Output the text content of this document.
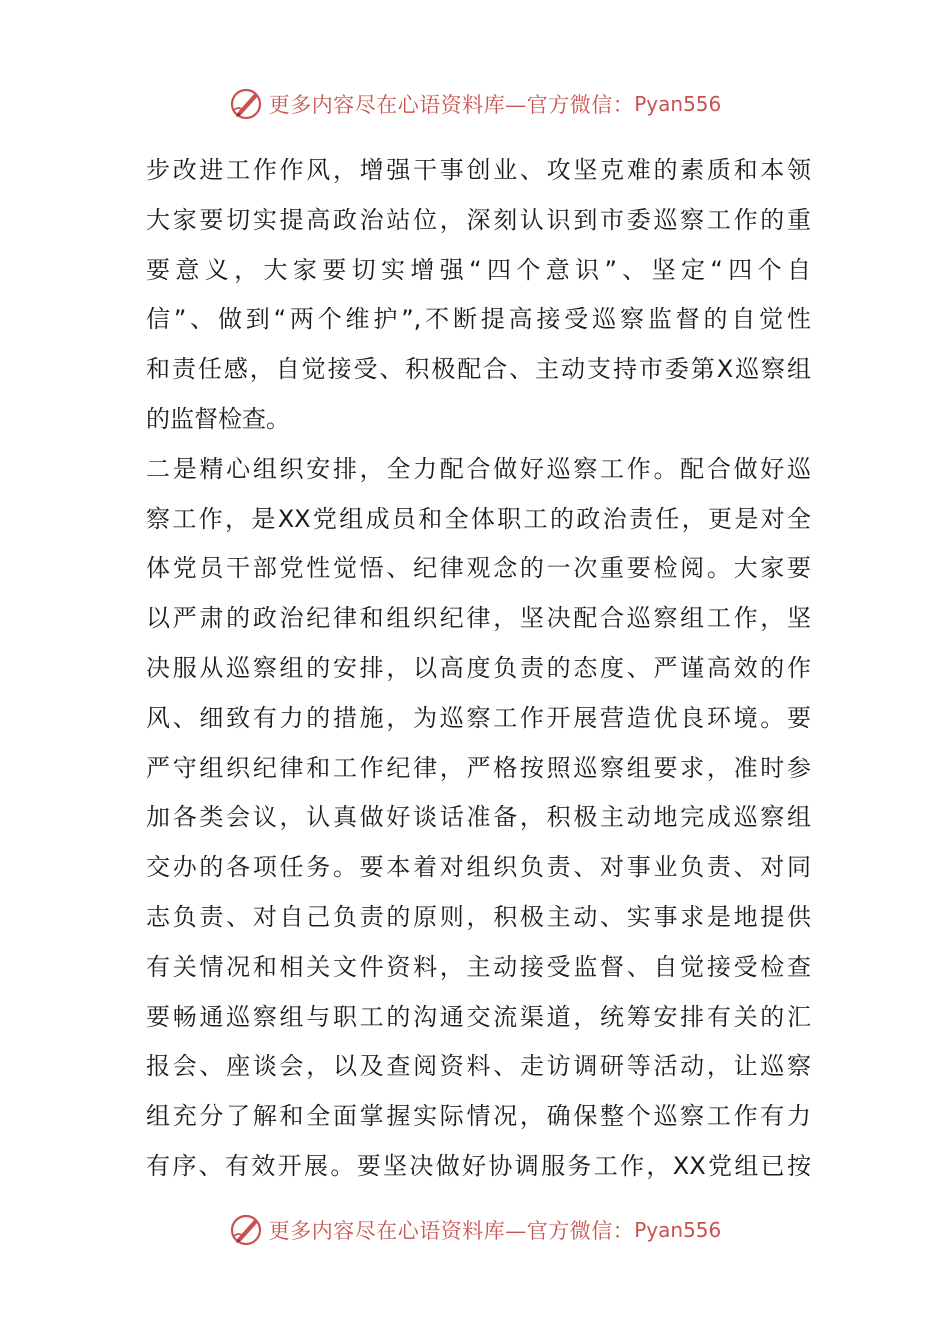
更多内容尽在心语资料库—官方微信： Pyan556
步改进工作作风，增强干事创业、攻坚克难的素质和本领
大家要切实提高政治站位，深刻认识到市委巡察工作的重
要意义，大家要切实增强“四个意识”、坚定“四个自
信”、做到“两个维护”,不断提高接受巡察监督的自觉性
和责任感，自觉接受、积极配合、主动支持市委第X巡察组
的监督检查。
二是精心组织安排，全力配合做好巡察工作。配合做好巡
察工作，是XX党组成员和全体职工的政治责任，更是对全
体党员干部党性觉悟、纪律观念的一次重要检阅。大家要
以严肃的政治纪律和组织纪律，坚决配合巡察组工作，坚
决服从巡察组的安排，以高度负责的态度、严谨高效的作
风、细致有力的措施，为巡察工作开展营造优良环境。要
严守组织纪律和工作纪律，严格按照巡察组要求，准时参
加各类会议，认真做好谈话准备，积极主动地完成巡察组
交办的各项任务。要本着对组织负责、对事业负责、对同
志负责、对自己负责的原则，积极主动、实事求是地提供
有关情况和相关文件资料，主动接受监督、自觉接受检查
要畅通巡察组与职工的沟通交流渠道，统筹安排有关的汇
报会、座谈会，以及查阅资料、走访调研等活动，让巡察
组充分了解和全面掌握实际情况，确保整个巡察工作有力
有序、有效开展。要坚决做好协调服务工作，XX党组已按
更多内容尽在心语资料库—官方微信： Pyan556
